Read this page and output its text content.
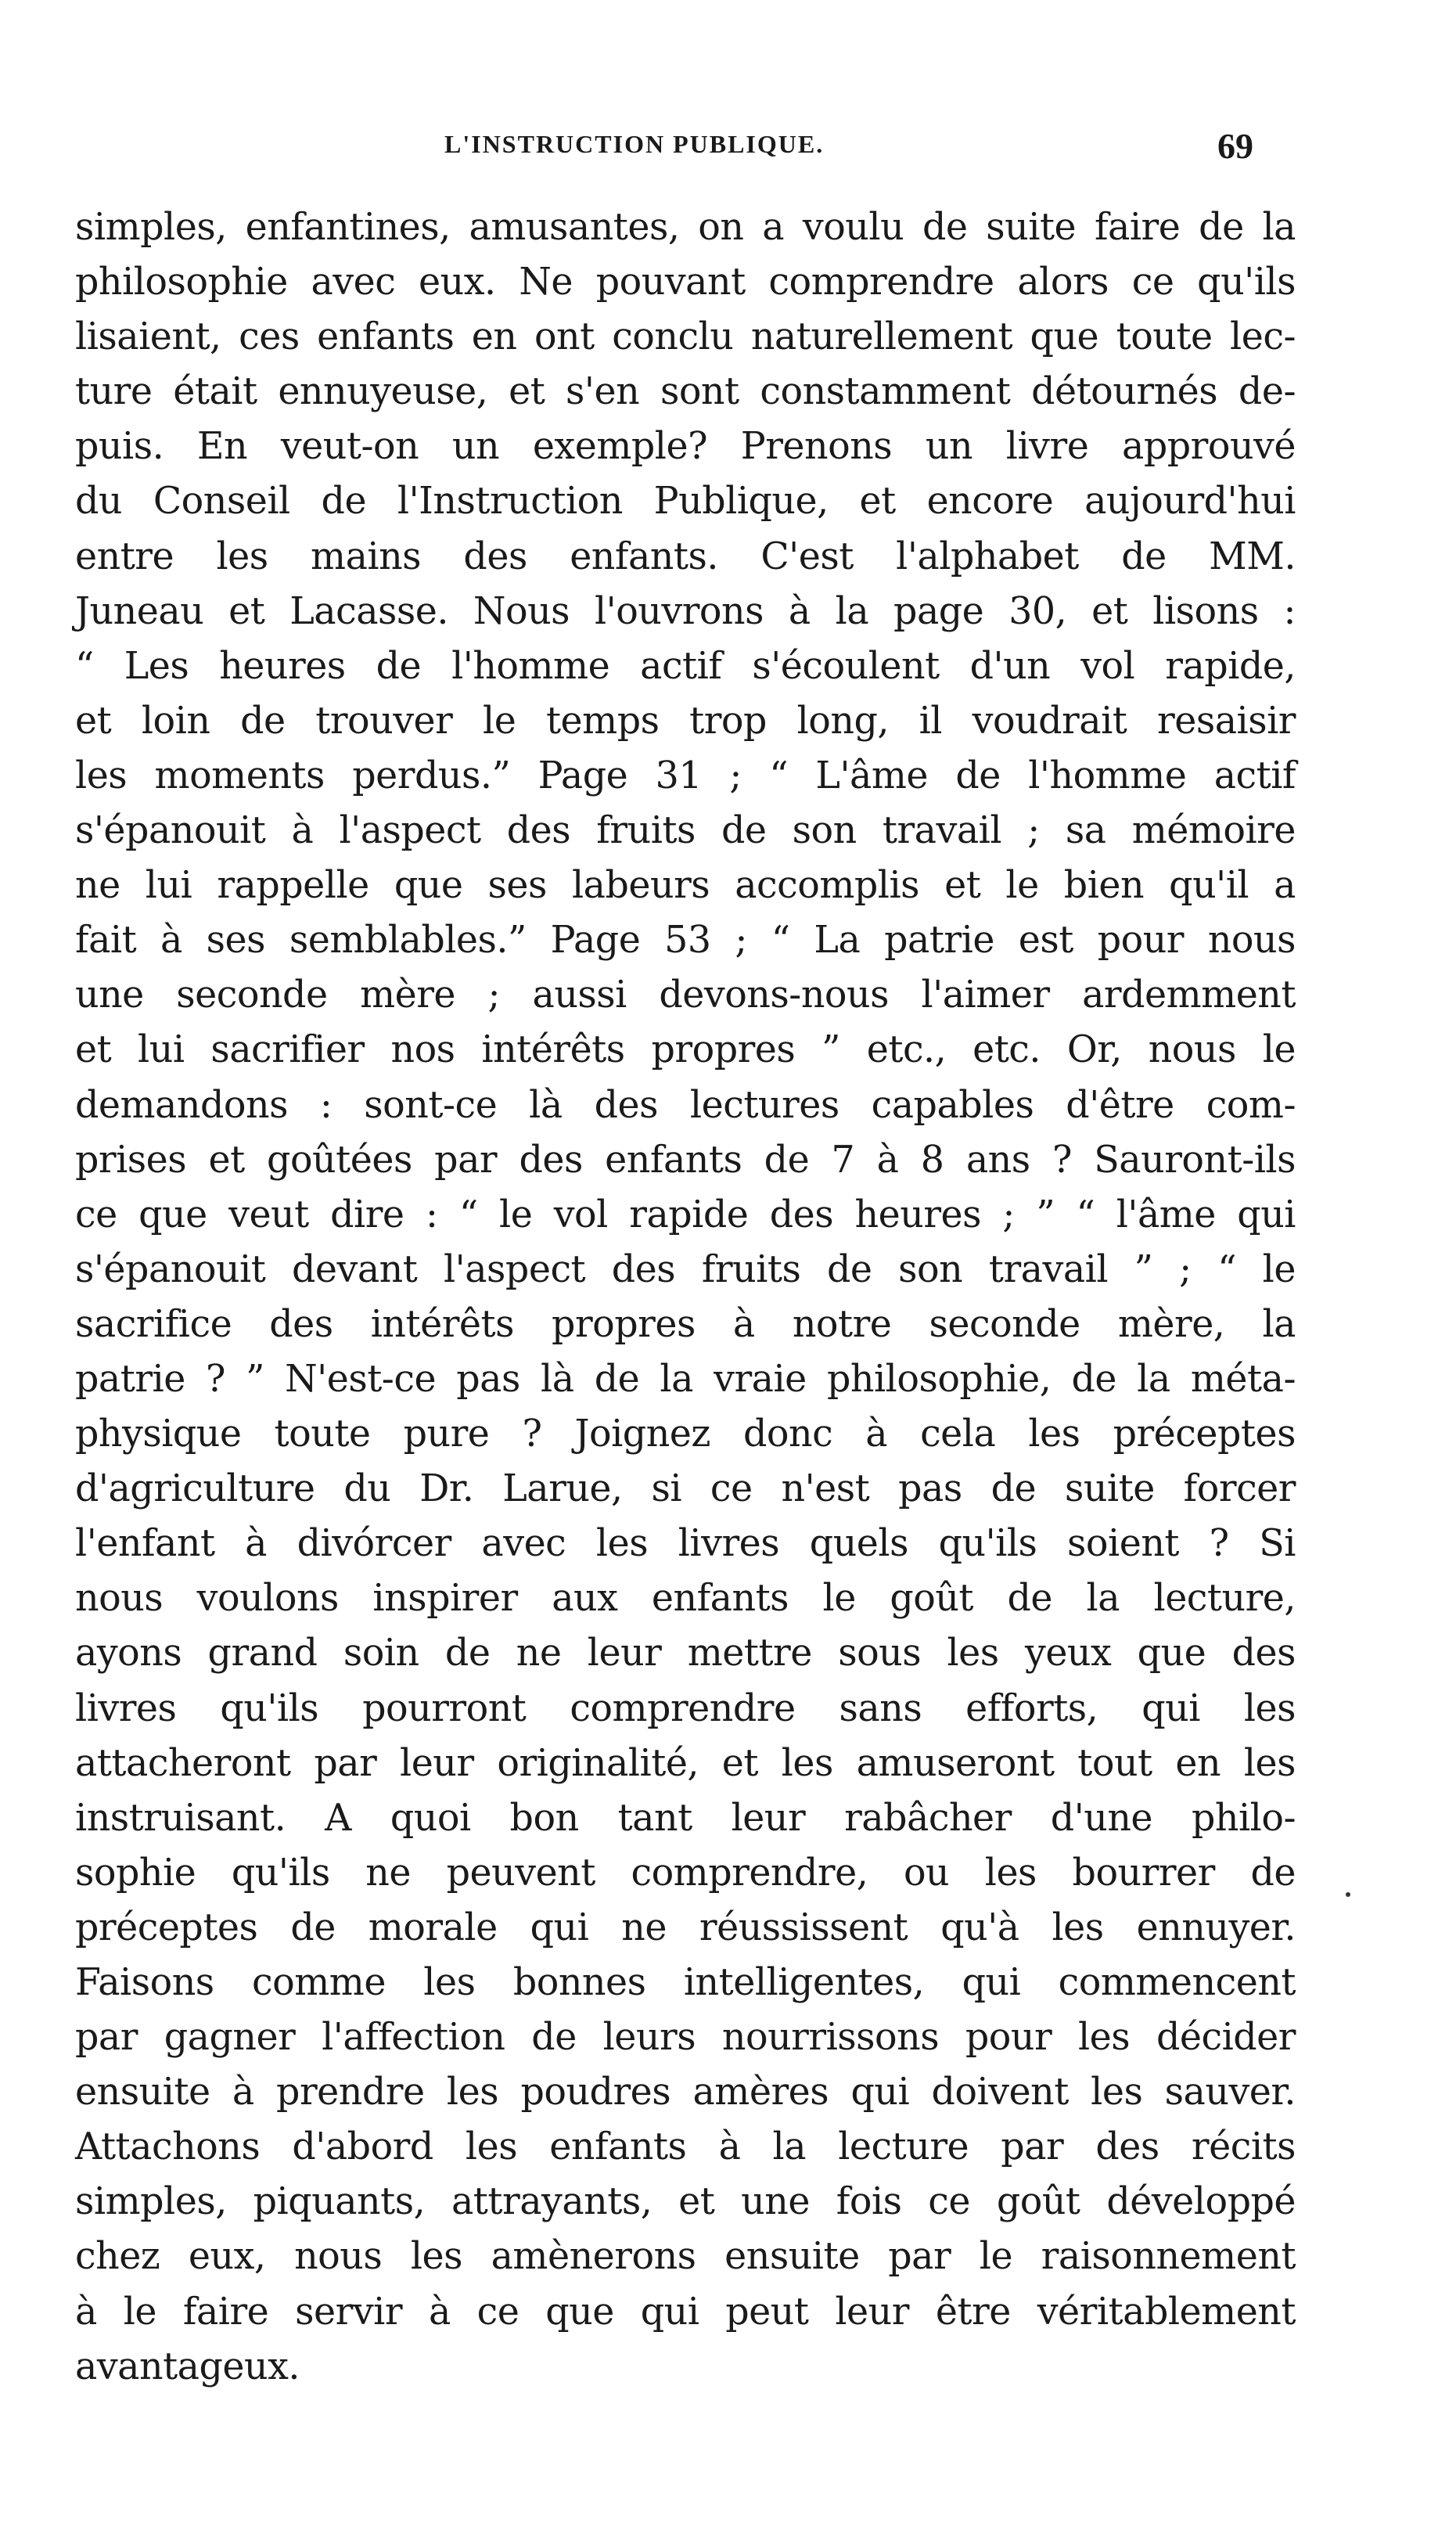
L'INSTRUCTION PUBLIQUE.	69
simples, enfantines, amusantes, on a voulu de suite faire de la
philosophie avec eux. Ne pouvant comprendre alors ce qu'ils
lisaient, ces enfants en ont conclu naturellement que toute lec-
ture était ennuyeuse, et s'en sont constamment détournés de-
puis. En veut-on un exemple? Prenons un livre approuvé
du Conseil de l'Instruction Publique, et encore aujourd'hui
entre les mains des enfants. C'est l'alphabet de MM.
Juneau et Lacasse. Nous l'ouvrons à la page 30, et lisons :
“ Les heures de l'homme actif s'écoulent d'un vol rapide,
et loin de trouver le temps trop long, il voudrait resaisir
les moments perdus.” Page 31 ; “ L'âme de l'homme actif
s'épanouit à l'aspect des fruits de son travail ; sa mémoire
ne lui rappelle que ses labeurs accomplis et le bien qu'il a
fait à ses semblables.” Page 53 ; “ La patrie est pour nous
une seconde mère ; aussi devons-nous l'aimer ardemment
et lui sacrifier nos intérêts propres ” etc., etc. Or, nous le
demandons : sont-ce là des lectures capables d'être com-
prises et goûtées par des enfants de 7 à 8 ans ? Sauront-ils
ce que veut dire : “ le vol rapide des heures ; ” “ l'âme qui
s'épanouit devant l'aspect des fruits de son travail ” ; “ le
sacrifice des intérêts propres à notre seconde mère, la
patrie ? ” N'est-ce pas là de la vraie philosophie, de la méta-
physique toute pure ? Joignez donc à cela les préceptes
d'agriculture du Dr. Larue, si ce n'est pas de suite forcer
l'enfant à divórcer avec les livres quels qu'ils soient ? Si
nous voulons inspirer aux enfants le goût de la lecture,
ayons grand soin de ne leur mettre sous les yeux que des
livres qu'ils pourront comprendre sans efforts, qui les
attacheront par leur originalité, et les amuseront tout en les
instruisant. A quoi bon tant leur rabâcher d'une philo-
sophie qu'ils ne peuvent comprendre, ou les bourrer de
préceptes de morale qui ne réussissent qu'à les ennuyer.
Faisons comme les bonnes intelligentes, qui commencent
par gagner l'affection de leurs nourrissons pour les décider
ensuite à prendre les poudres amères qui doivent les sauver.
Attachons d'abord les enfants à la lecture par des récits
simples, piquants, attrayants, et une fois ce goût développé
chez eux, nous les amènerons ensuite par le raisonnement
à le faire servir à ce que qui peut leur être véritablement
avantageux.
